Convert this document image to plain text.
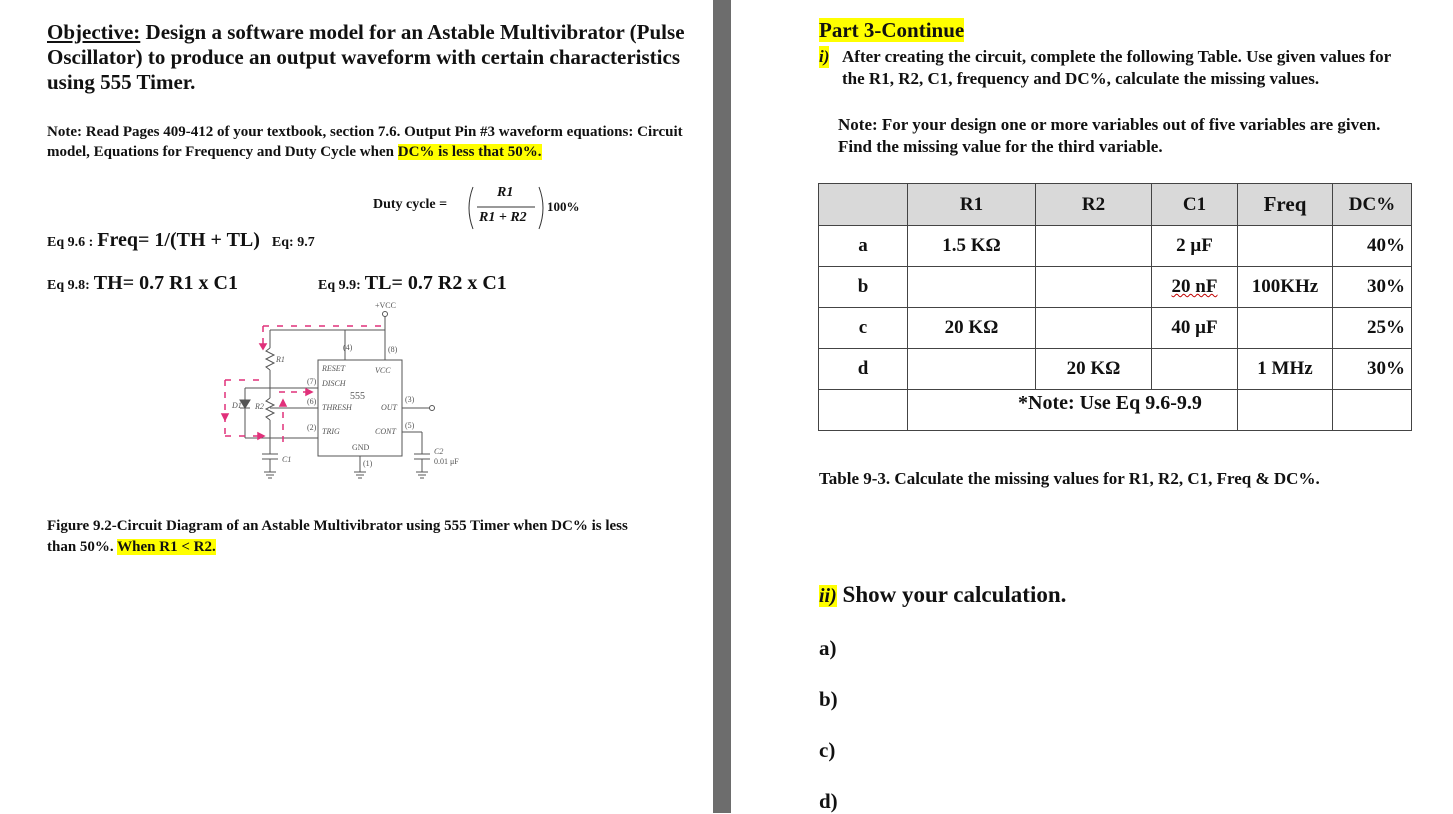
Objective: Design a software model for an Astable Multivibrator (Pulse Oscillator) to produce an output waveform with certain characteristics using 555 Timer.
Note: Read Pages 409-412 of your textbook, section 7.6. Output Pin #3 waveform equations: Circuit model, Equations for Frequency and Duty Cycle when DC% is less that 50%.
Duty cycle =
R1
R1 + R2
100%
Eq 9.6 : Freq= 1/(TH + TL) Eq: 9.7
Eq 9.8: TH= 0.7 R1 x C1	Eq 9.9: TL= 0.7 R2 x C1
+VCC
(4)	(8)
RESET	VCC
(7) DISCH
555
(6)
THRESH	OUT
(3)
(2) TRIG	CONT
(5)
GND
(1)
R1
R2
D1
C1
C2
0.01 μF
Figure 9.2-Circuit Diagram of an Astable Multivibrator using 555 Timer when DC% is less than 50%. When R1 < R2.
Part 3-Continue
i) After creating the circuit, complete the following Table. Use given values for the R1, R2, C1, frequency and DC%, calculate the missing values.
Note: For your design one or more variables out of five variables are given. Find the missing value for the third variable.
	R1	R2	C1	Freq	DC%
a	1.5 KΩ		2 μF		40%
b			20 nF	100KHz	30%
c	20 KΩ		40 μF		25%
d		20 KΩ		1 MHz	30%

	*Note: Use Eq 9.6-9.9				

Table 9-3. Calculate the missing values for R1, R2, C1, Freq & DC%.
ii) Show your calculation.
a)
b)
c)
d)
